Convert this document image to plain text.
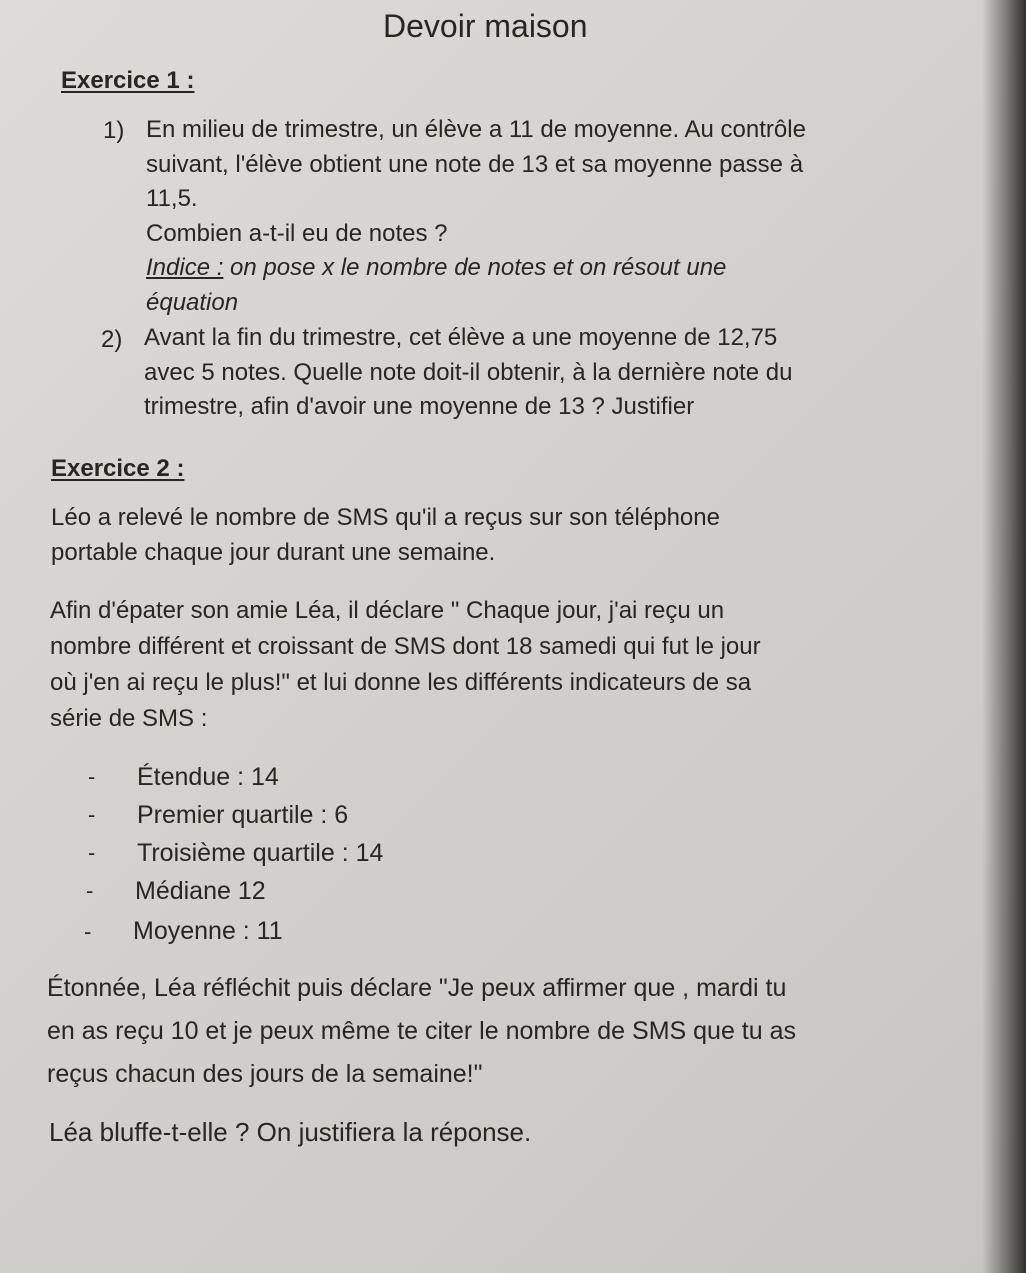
Devoir maison
Exercice 1 :
1) En milieu de trimestre, un élève a 11 de moyenne. Au contrôle
suivant, l'élève obtient une note de 13 et sa moyenne passe à
11,5.
Combien a-t-il eu de notes ?
Indice : on pose x le nombre de notes et on résout une
équation
2) Avant la fin du trimestre, cet élève a une moyenne de 12,75
avec 5 notes. Quelle note doit-il obtenir, à la dernière note du
trimestre, afin d'avoir une moyenne de 13 ? Justifier
Exercice 2 :
Léo a relevé le nombre de SMS qu'il a reçus sur son téléphone
portable chaque jour durant une semaine.
Afin d'épater son amie Léa, il déclare " Chaque jour, j'ai reçu un
nombre différent et croissant de SMS dont 18 samedi qui fut le jour
où j'en ai reçu le plus!" et lui donne les différents indicateurs de sa
série de SMS :
- Étendue : 14
- Premier quartile : 6
- Troisième quartile : 14
- Médiane 12
- Moyenne : 11
Étonnée, Léa réfléchit puis déclare "Je peux affirmer que , mardi tu
en as reçu 10 et je peux même te citer le nombre de SMS que tu as
reçus chacun des jours de la semaine!"
Léa bluffe-t-elle ? On justifiera la réponse.
